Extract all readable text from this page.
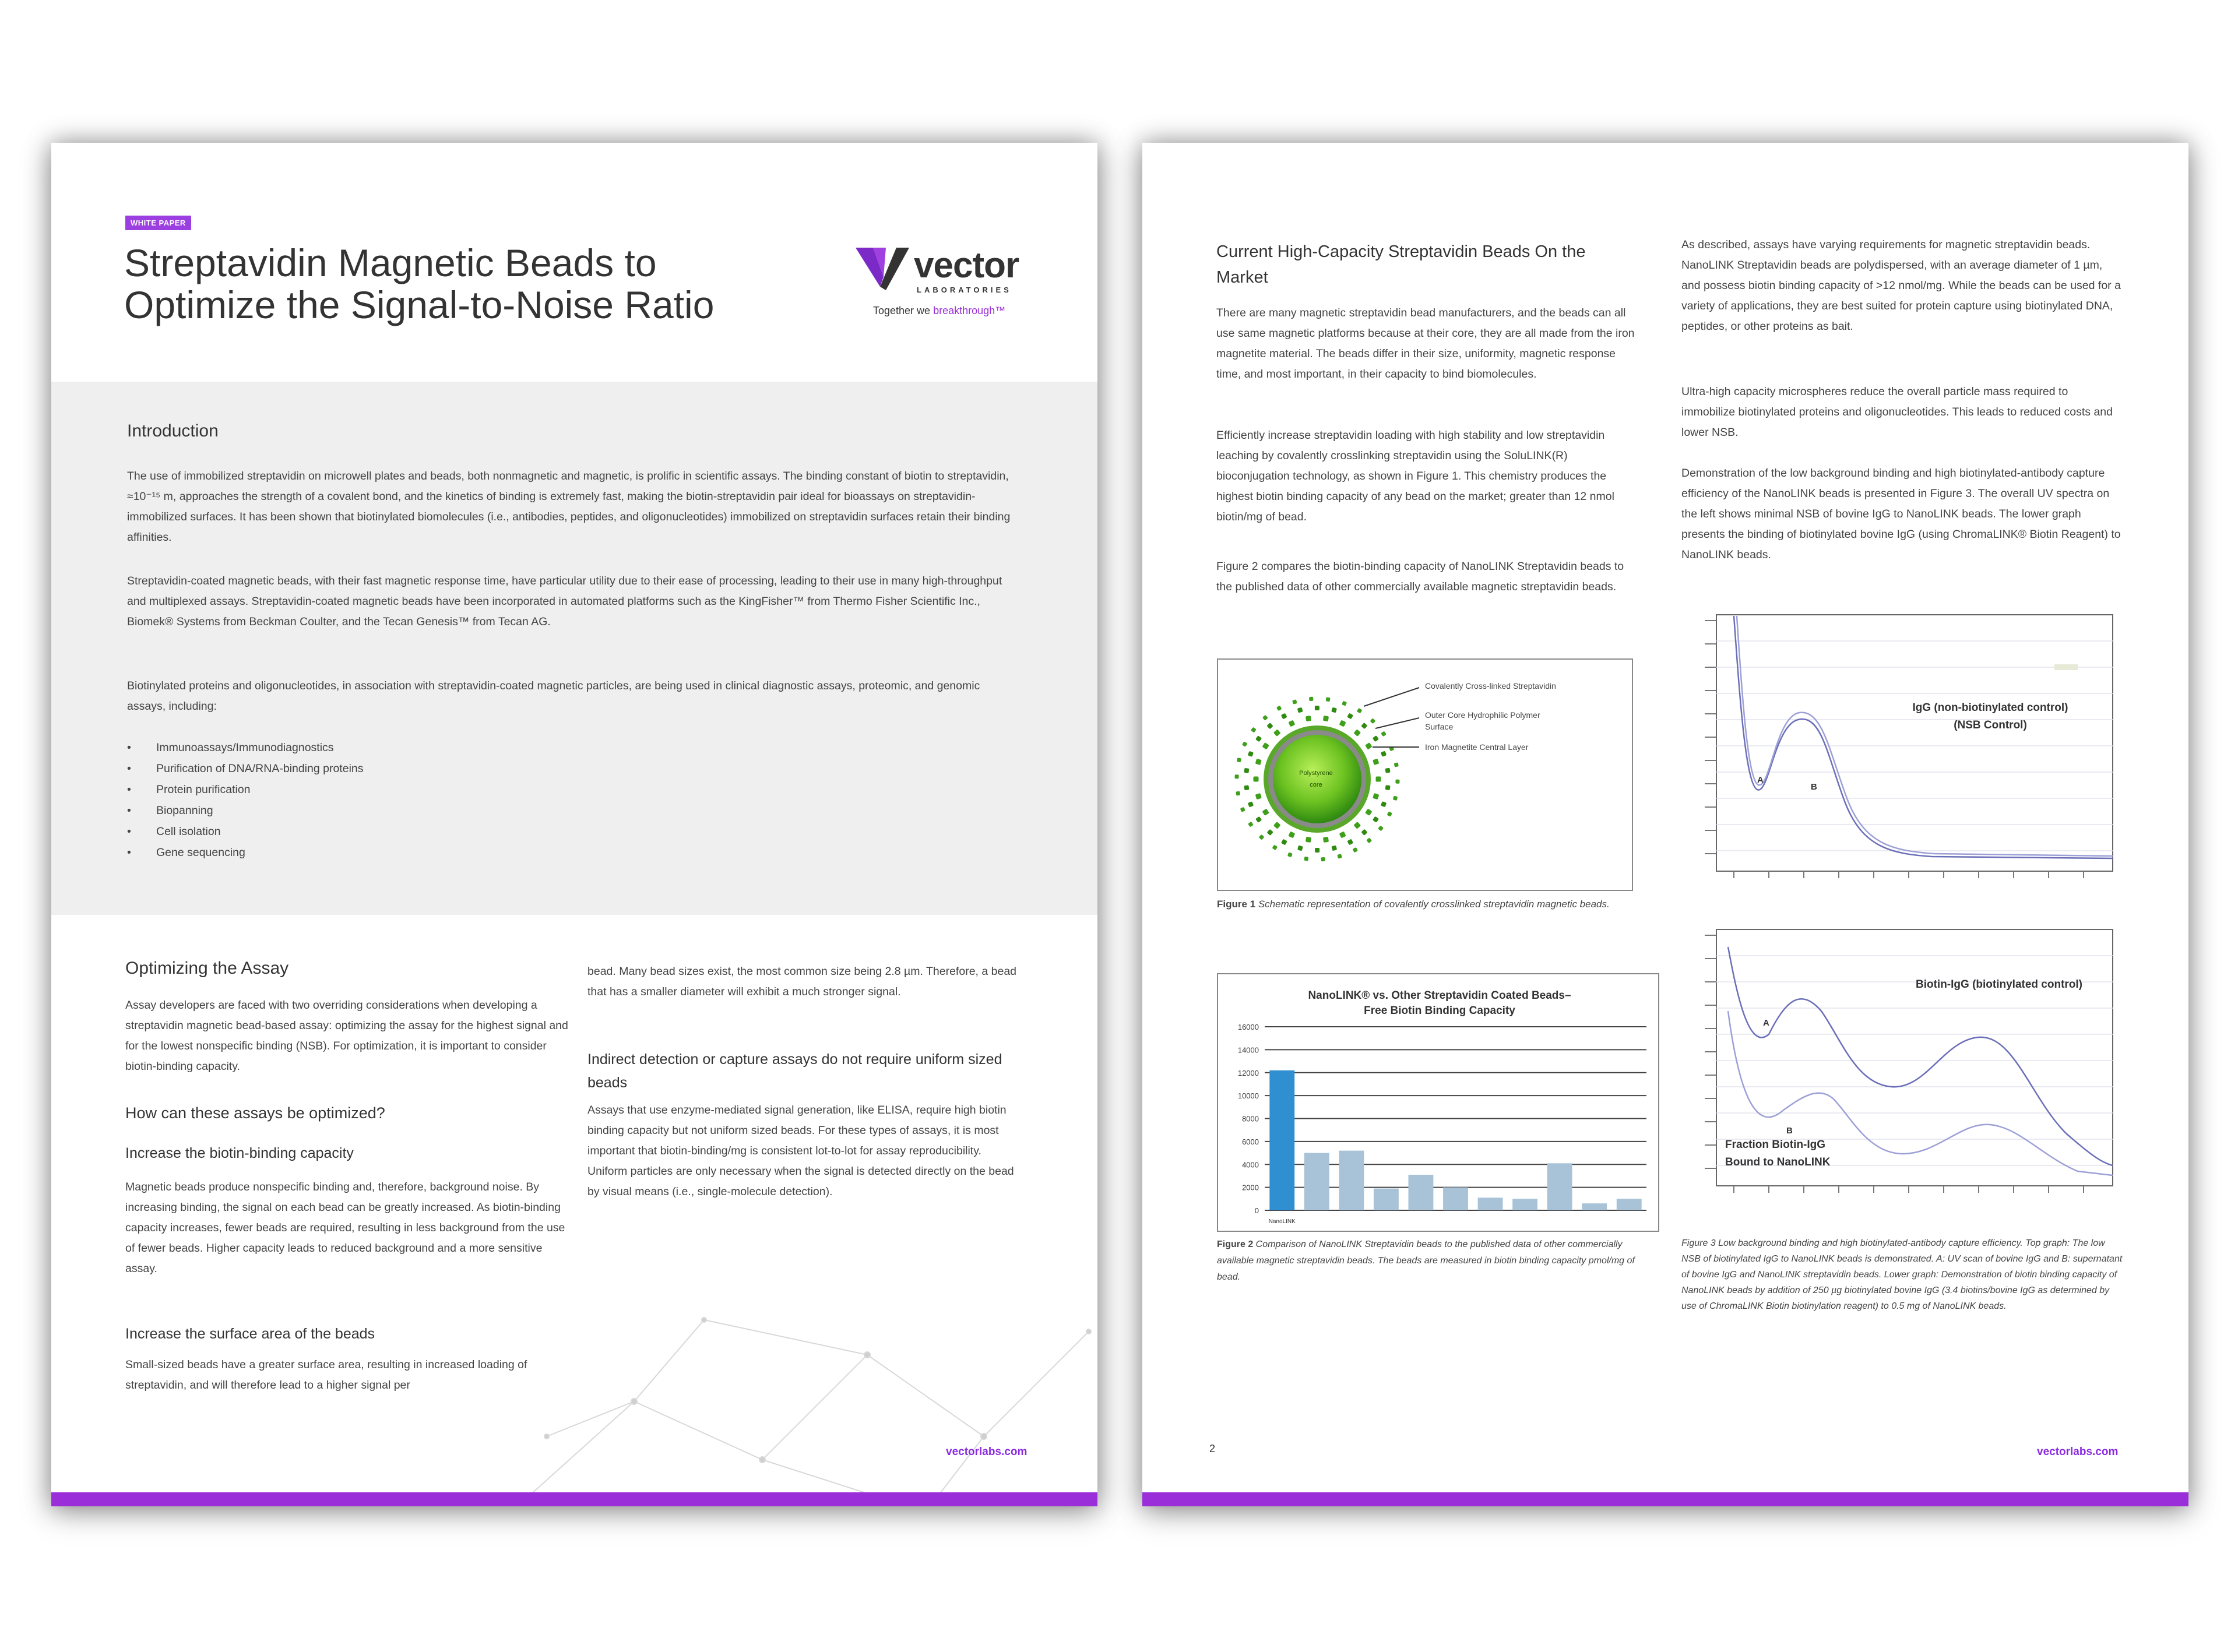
WHITE PAPER
Streptavidin Magnetic Beads to
Optimize the Signal-to-Noise Ratio
vector
LABORATORIES
Together we breakthrough™
Introduction

The use of immobilized streptavidin on microwell plates and beads, both nonmagnetic and magnetic, is prolific in scientific assays. The binding constant of biotin to streptavidin, ≈10⁻¹⁵ m, approaches the strength of a covalent bond, and the kinetics of binding is extremely fast, making the biotin-streptavidin pair ideal for bioassays on streptavidin-immobilized surfaces. It has been shown that biotinylated biomolecules (i.e., antibodies, peptides, and oligonucleotides) immobilized on streptavidin surfaces retain their binding affinities.

Streptavidin-coated magnetic beads, with their fast magnetic response time, have particular utility due to their ease of processing, leading to their use in many high-throughput and multiplexed assays. Streptavidin-coated magnetic beads have been incorporated in automated platforms such as the KingFisher™ from Thermo Fisher Scientific Inc., Biomek® Systems from Beckman Coulter, and the Tecan Genesis™ from Tecan AG.

Biotinylated proteins and oligonucleotides, in association with streptavidin-coated magnetic particles, are being used in clinical diagnostic assays, proteomic, and genomic assays, including:

• Immunoassays/Immunodiagnostics
• Purification of DNA/RNA-binding proteins
• Protein purification
• Biopanning
• Cell isolation
• Gene sequencing
Optimizing the Assay

Assay developers are faced with two overriding considerations when developing a streptavidin magnetic bead-based assay: optimizing the assay for the highest signal and for the lowest nonspecific binding (NSB). For optimization, it is important to consider biotin-binding capacity.

How can these assays be optimized?
Increase the biotin-binding capacity

Magnetic beads produce nonspecific binding and, therefore, background noise. By increasing binding, the signal on each bead can be greatly increased. As biotin-binding capacity increases, fewer beads are required, resulting in less background from the use of fewer beads. Higher capacity leads to reduced background and a more sensitive assay.

Increase the surface area of the beads

Small-sized beads have a greater surface area, resulting in increased loading of streptavidin, and will therefore lead to a higher signal per

bead. Many bead sizes exist, the most common size being 2.8 µm. Therefore, a bead that has a smaller diameter will exhibit a much stronger signal.

Indirect detection or capture assays do not require uniform sized beads

Assays that use enzyme-mediated signal generation, like ELISA, require high biotin binding capacity but not uniform sized beads. For these types of assays, it is most important that biotin-binding/mg is consistent lot-to-lot for assay reproducibility. Uniform particles are only necessary when the signal is detected directly on the bead by visual means (i.e., single-molecule detection).

vectorlabs.com
Current High-Capacity Streptavidin Beads On the Market

There are many magnetic streptavidin bead manufacturers, and the beads can all use same magnetic platforms because at their core, they are all made from the iron magnetite material. The beads differ in their size, uniformity, magnetic response time, and most important, in their capacity to bind biomolecules.

Efficiently increase streptavidin loading with high stability and low streptavidin leaching by covalently crosslinking streptavidin using the SoluLINK(R) bioconjugation technology, as shown in Figure 1. This chemistry produces the highest biotin binding capacity of any bead on the market; greater than 12 nmol biotin/mg of bead.

Figure 2 compares the biotin-binding capacity of NanoLINK Streptavidin beads to the published data of other commercially available magnetic streptavidin beads.

Polystyrene core
Covalently Cross-linked Streptavidin
Outer Core Hydrophilic Polymer Surface
Iron Magnetite Central Layer

Figure 1 Schematic representation of covalently crosslinked streptavidin magnetic beads.

NanoLINK® vs. Other Streptavidin Coated Beads–
Free Biotin Binding Capacity
16000
14000
12000
10000
8000
6000
4000
2000
0
NanoLINK

Figure 2 Comparison of NanoLINK Streptavidin beads to the published data of other commercially available magnetic streptavidin beads. The beads are measured in biotin binding capacity pmol/mg of bead.

As described, assays have varying requirements for magnetic streptavidin beads. NanoLINK Streptavidin beads are polydispersed, with an average diameter of 1 µm, and possess biotin binding capacity of >12 nmol/mg. While the beads can be used for a variety of applications, they are best suited for protein capture using biotinylated DNA, peptides, or other proteins as bait.

Ultra-high capacity microspheres reduce the overall particle mass required to immobilize biotinylated proteins and oligonucleotides. This leads to reduced costs and lower NSB.

Demonstration of the low background binding and high biotinylated-antibody capture efficiency of the NanoLINK beads is presented in Figure 3. The overall UV spectra on the left shows minimal NSB of bovine IgG to NanoLINK beads. The lower graph presents the binding of biotinylated bovine IgG (using ChromaLINK® Biotin Reagent) to NanoLINK beads.

A
B
IgG (non-biotinylated control)
(NSB Control)
A
B
Biotin-IgG (biotinylated control)
Fraction Biotin-IgG
Bound to NanoLINK

Figure 3 Low background binding and high biotinylated-antibody capture efficiency. Top graph: The low NSB of biotinylated IgG to NanoLINK beads is demonstrated. A: UV scan of bovine IgG and B: supernatant of bovine IgG and NanoLINK streptavidin beads. Lower graph: Demonstration of biotin binding capacity of NanoLINK beads by addition of 250 µg biotinylated bovine IgG (3.4 biotins/bovine IgG as determined by use of ChromaLINK Biotin biotinylation reagent) to 0.5 mg of NanoLINK beads.

2	vectorlabs.com
